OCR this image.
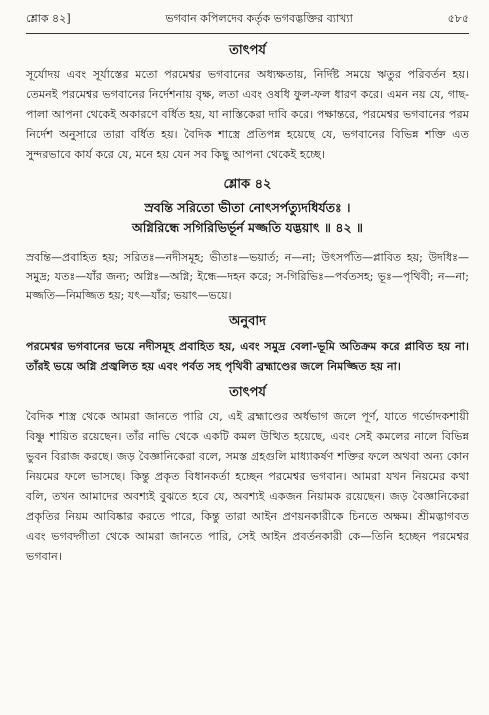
শ্লোক ৪২]	ভগবান কপিলদেব কর্তৃক ভগবদ্ভক্তির ব্যাখ্যা	৫৮৫
তাৎপর্য

সূর্যোদয় এবং সূর্যাস্তের মতো পরমেশ্বর ভগবানের অধ্যক্ষতায়, নির্দিষ্ট সময়ে ঋতুর পরিবর্তন হয়। তেমনই পরমেশ্বর ভগবানের নির্দেশনায় বৃক্ষ, লতা এবং ওষধি ফুল-ফল ধারণ করে। এমন নয় যে, গাছ-পালা আপনা থেকেই অকারণে বর্ধিত হয়, যা নাস্তিকেরা দাবি করে। পক্ষান্তরে, পরমেশ্বর ভগবানের পরম নির্দেশ অনুসারে তারা বর্ধিত হয়। বৈদিক শাস্ত্রে প্রতিপন্ন হয়েছে যে, ভগবানের বিভিন্ন শক্তি এত সুন্দরভাবে কার্য করে যে, মনে হয় যেন সব কিছু আপনা থেকেই হচ্ছে।

শ্লোক ৪২

স্রবন্তি সরিতো ভীতা নোৎসর্পত্যুদধির্যতঃ ।

অগ্নিরিন্ধে সগিরিভির্ভূর্ন মজ্জতি যদ্ভয়াৎ ॥ ৪২ ॥

স্রবন্তি—প্রবাহিত হয়; সরিতঃ—নদীসমূহ; ভীতাঃ—ভয়ার্ত; ন—না; উৎসর্পতি—প্লাবিত হয়; উদধিঃ—সমুদ্র; যতঃ—যাঁর জন্য; অগ্নিঃ—অগ্নি; ইন্ধে—দহন করে; স-গিরিভিঃ—পর্বতসহ; ভূঃ—পৃথিবী; ন—না; মজ্জতি—নিমজ্জিত হয়; যৎ—যাঁর; ভয়াৎ—ভয়ে।

অনুবাদ

পরমেশ্বর ভগবানের ভয়ে নদীসমূহ প্রবাহিত হয়, এবং সমুদ্র বেলা-ভূমি অতিক্রম করে প্লাবিত হয় না। তাঁরই ভয়ে অগ্নি প্রজ্বলিত হয় এবং পর্বত সহ পৃথিবী ব্রহ্মাণ্ডের জলে নিমজ্জিত হয় না।

তাৎপর্য

বৈদিক শাস্ত্র থেকে আমরা জানতে পারি যে, এই ব্রহ্মাণ্ডের অর্ধভাগ জলে পূর্ণ, যাতে গর্ভোদকশায়ী বিষ্ণু শায়িত রয়েছেন। তাঁর নাভি থেকে একটি কমল উত্থিত হয়েছে, এবং সেই কমলের নালে বিভিন্ন ভুবন বিরাজ করছে। জড় বৈজ্ঞানিকেরা বলে, সমস্ত গ্রহগুলি মাধ্যাকর্ষণ শক্তির ফলে অথবা অন্য কোন নিয়মের ফলে ভাসছে। কিন্তু প্রকৃত বিধানকর্তা হচ্ছেন পরমেশ্বর ভগবান। আমরা যখন নিয়মের কথা বলি, তখন আমাদের অবশ্যই বুঝতে হবে যে, অবশ্যই একজন নিয়ামক রয়েছেন। জড় বৈজ্ঞানিকেরা প্রকৃতির নিয়ম আবিষ্কার করতে পারে, কিন্তু তারা আইন প্রণয়নকারীকে চিনতে অক্ষম। শ্রীমদ্ভাগবত এবং ভগবদ্গীতা থেকে আমরা জানতে পারি, সেই আইন প্রবর্তনকারী কে—তিনি হচ্ছেন পরমেশ্বর ভগবান।
